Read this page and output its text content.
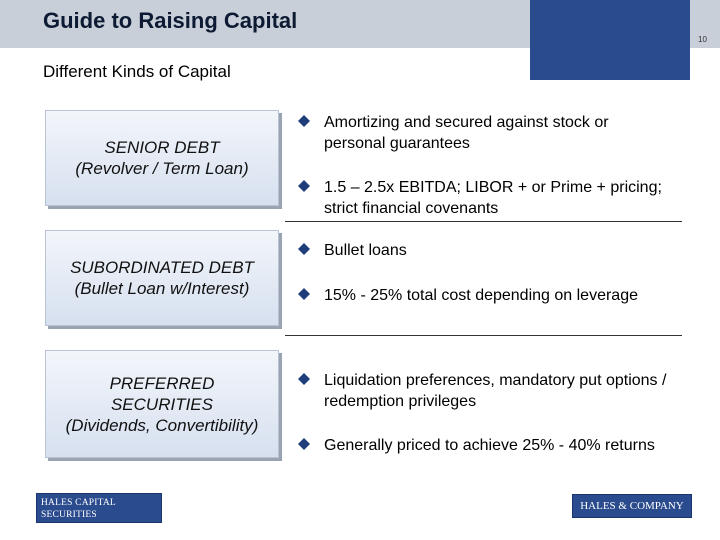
Guide to Raising Capital
10
Different Kinds of Capital
SENIOR DEBT
(Revolver / Term Loan)
Amortizing and secured against stock or personal guarantees
1.5 – 2.5x EBITDA; LIBOR + or Prime + pricing; strict financial covenants
SUBORDINATED DEBT
(Bullet Loan w/Interest)
Bullet loans
15% - 25% total cost depending on leverage
PREFERRED
SECURITIES
(Dividends, Convertibility)
Liquidation preferences, mandatory put options / redemption privileges
Generally priced to achieve 25% - 40% returns
HALES CAPITAL SECURITIES
MEMBER FINRA/SIPC
HALES & COMPANY
